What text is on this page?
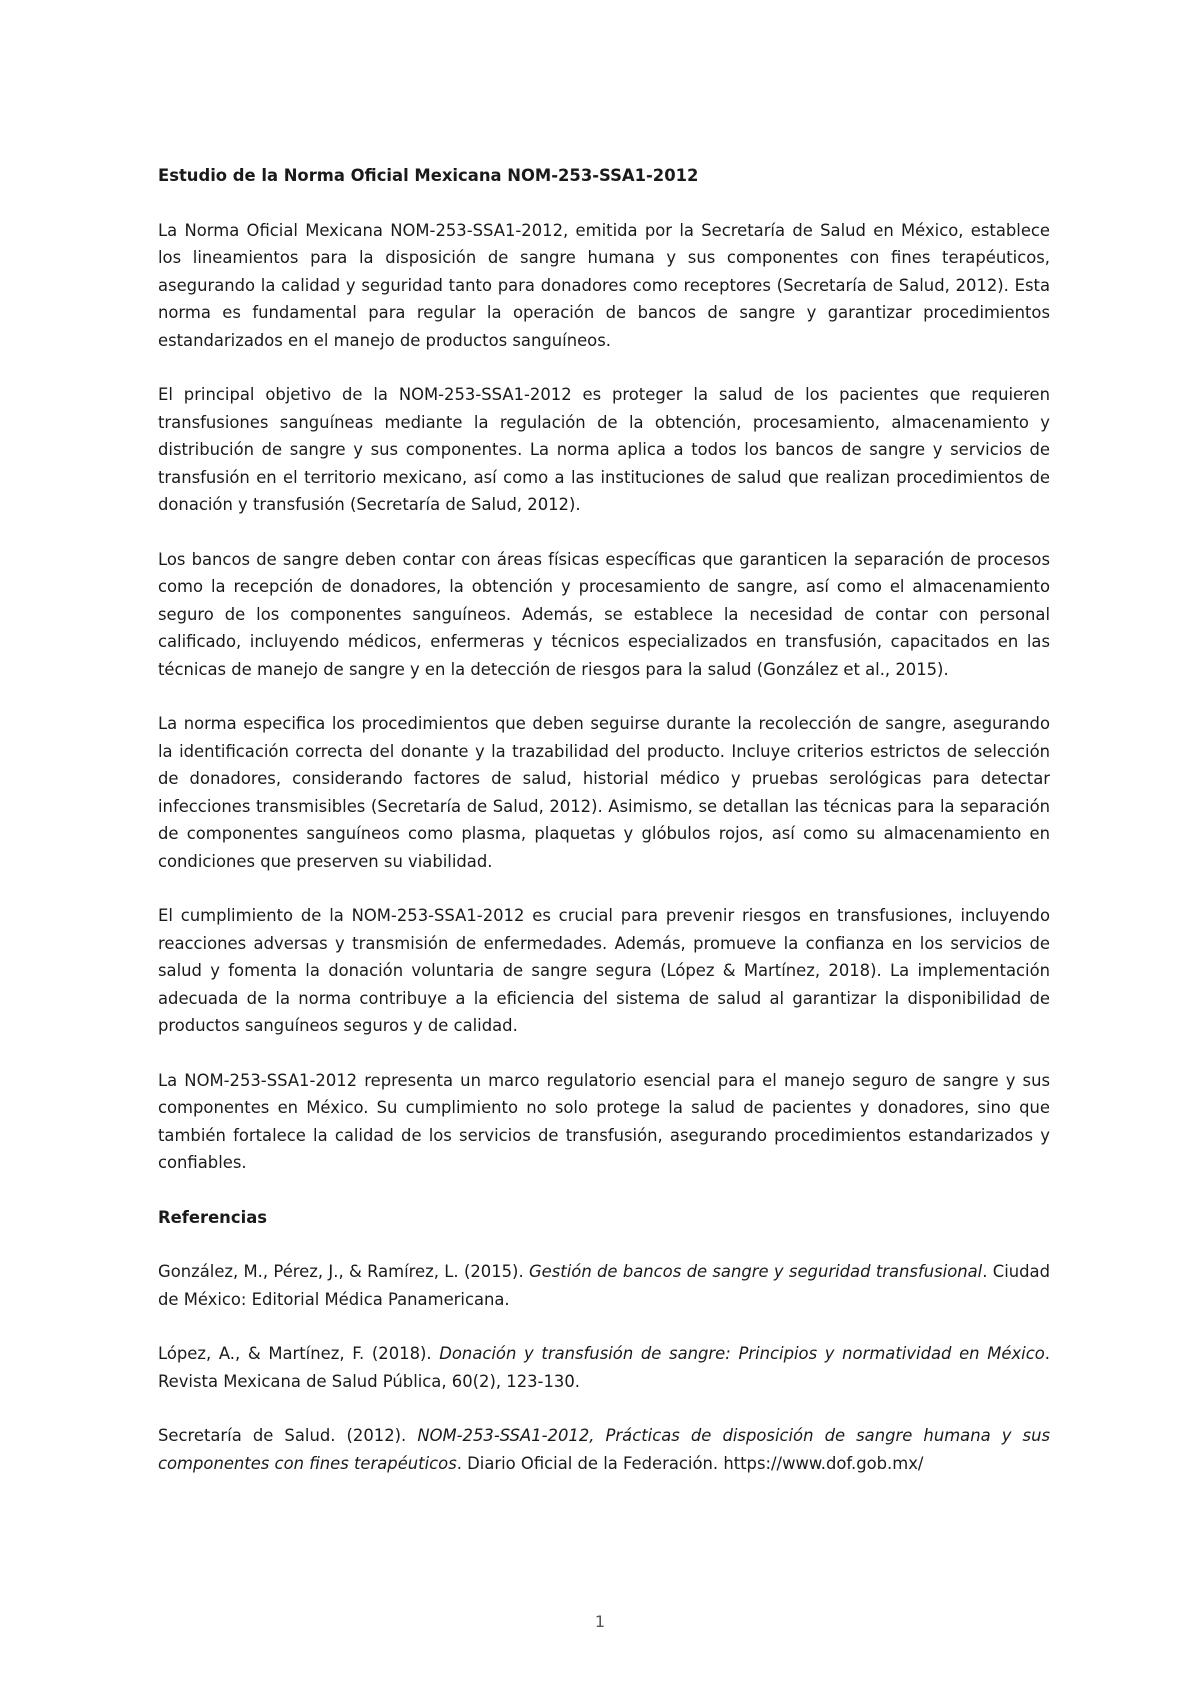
Estudio de la Norma Oficial Mexicana NOM-253-SSA1-2012

La Norma Oficial Mexicana NOM-253-SSA1-2012, emitida por la Secretaría de Salud en México, establece los lineamientos para la disposición de sangre humana y sus componentes con fines terapéuticos, asegurando la calidad y seguridad tanto para donadores como receptores (Secretaría de Salud, 2012). Esta norma es fundamental para regular la operación de bancos de sangre y garantizar procedimientos estandarizados en el manejo de productos sanguíneos.

El principal objetivo de la NOM-253-SSA1-2012 es proteger la salud de los pacientes que requieren transfusiones sanguíneas mediante la regulación de la obtención, procesamiento, almacenamiento y distribución de sangre y sus componentes. La norma aplica a todos los bancos de sangre y servicios de transfusión en el territorio mexicano, así como a las instituciones de salud que realizan procedimientos de donación y transfusión (Secretaría de Salud, 2012).

Los bancos de sangre deben contar con áreas físicas específicas que garanticen la separación de procesos como la recepción de donadores, la obtención y procesamiento de sangre, así como el almacenamiento seguro de los componentes sanguíneos. Además, se establece la necesidad de contar con personal calificado, incluyendo médicos, enfermeras y técnicos especializados en transfusión, capacitados en las técnicas de manejo de sangre y en la detección de riesgos para la salud (González et al., 2015).

La norma especifica los procedimientos que deben seguirse durante la recolección de sangre, asegurando la identificación correcta del donante y la trazabilidad del producto. Incluye criterios estrictos de selección de donadores, considerando factores de salud, historial médico y pruebas serológicas para detectar infecciones transmisibles (Secretaría de Salud, 2012). Asimismo, se detallan las técnicas para la separación de componentes sanguíneos como plasma, plaquetas y glóbulos rojos, así como su almacenamiento en condiciones que preserven su viabilidad.

El cumplimiento de la NOM-253-SSA1-2012 es crucial para prevenir riesgos en transfusiones, incluyendo reacciones adversas y transmisión de enfermedades. Además, promueve la confianza en los servicios de salud y fomenta la donación voluntaria de sangre segura (López & Martínez, 2018). La implementación adecuada de la norma contribuye a la eficiencia del sistema de salud al garantizar la disponibilidad de productos sanguíneos seguros y de calidad.

La NOM-253-SSA1-2012 representa un marco regulatorio esencial para el manejo seguro de sangre y sus componentes en México. Su cumplimiento no solo protege la salud de pacientes y donadores, sino que también fortalece la calidad de los servicios de transfusión, asegurando procedimientos estandarizados y confiables.

Referencias

González, M., Pérez, J., & Ramírez, L. (2015). Gestión de bancos de sangre y seguridad transfusional. Ciudad de México: Editorial Médica Panamericana.

López, A., & Martínez, F. (2018). Donación y transfusión de sangre: Principios y normatividad en México. Revista Mexicana de Salud Pública, 60(2), 123-130.

Secretaría de Salud. (2012). NOM-253-SSA1-2012, Prácticas de disposición de sangre humana y sus componentes con fines terapéuticos. Diario Oficial de la Federación. https://www.dof.gob.mx/

1
